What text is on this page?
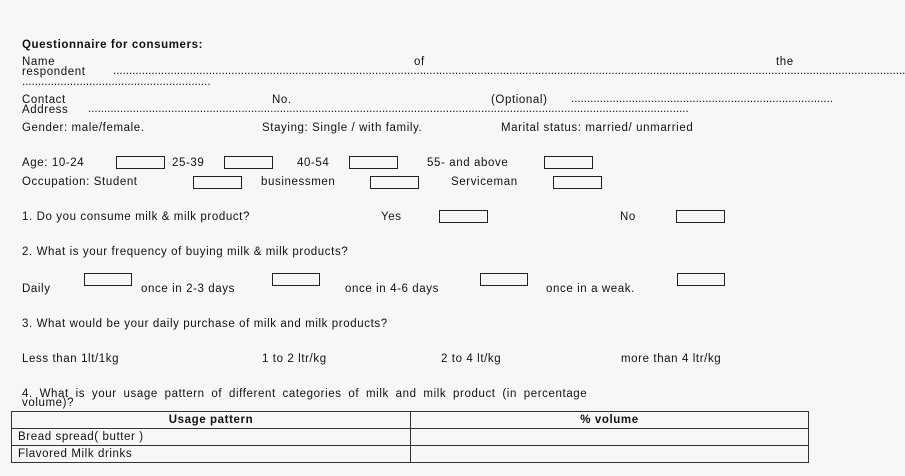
Questionnaire for consumers:
Name	of	the
respondent ........................................................................................................................................................................................................................................................
...........................................................
Contact	No.	(Optional) ..................................................................................
Address ............................................................................................................................................................................................
Gender: male/female.	Staying: Single / with family.	Marital status: married/ unmarried
Age: 10-24	25-39	40-54	55- and above
Occupation: Student	businessmen	Serviceman
1. Do you consume milk & milk product?	Yes	No
2. What is your frequency of buying milk & milk products?
Daily	once in 2-3 days	once in 4-6 days	once in a weak.
3. What would be your daily purchase of milk and milk products?
Less than 1lt/1kg	1 to 2 ltr/kg	2 to 4 lt/kg	more than 4 ltr/kg
4. What is your usage pattern of different categories of milk and milk product (in percentage
volume)?
Usage pattern	% volume
Bread spread( butter )	
Flavored Milk drinks	
